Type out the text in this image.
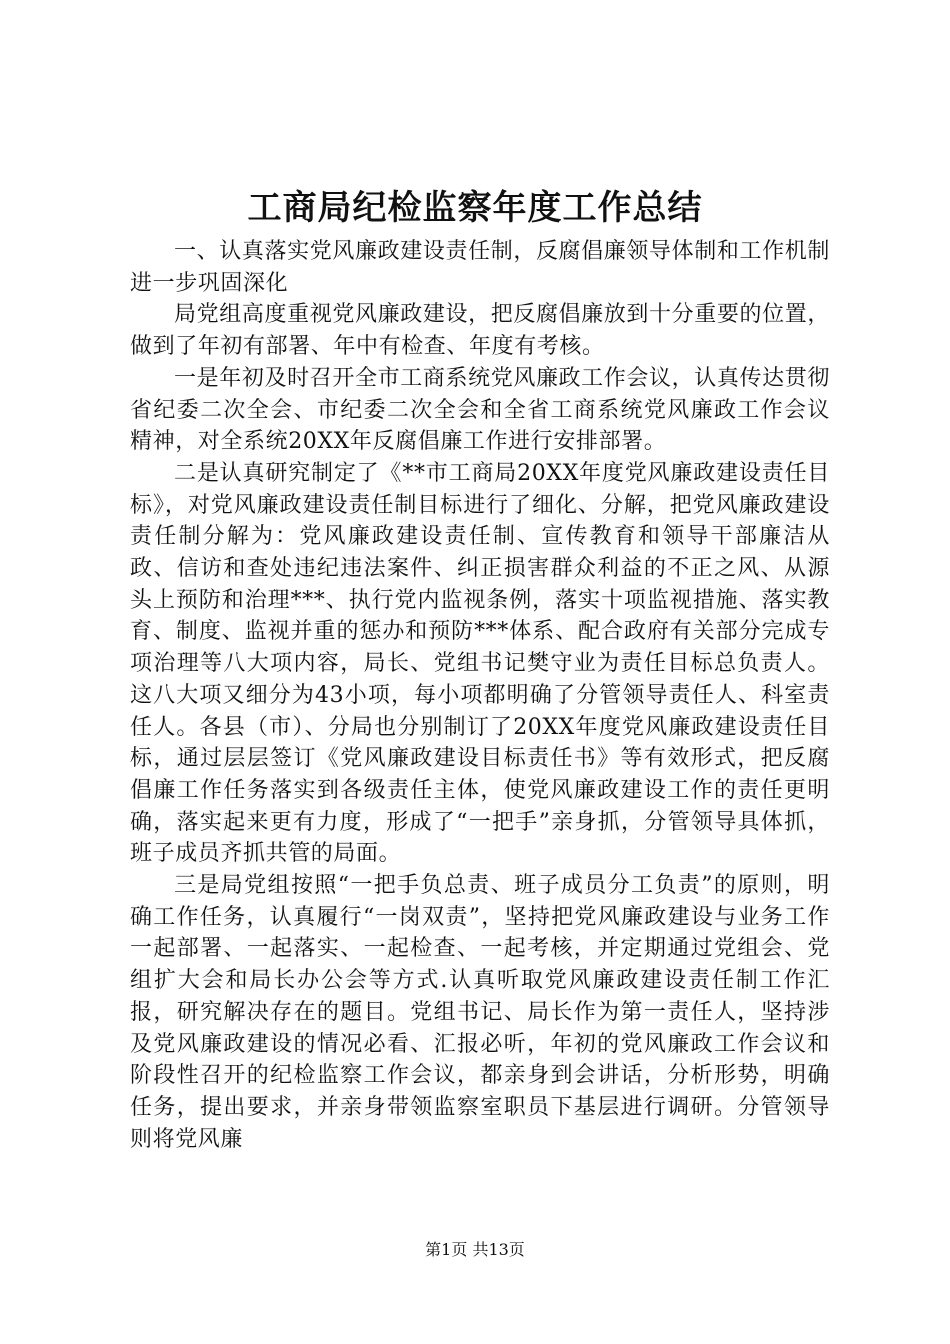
工商局纪检监察年度工作总结

一、认真落实党风廉政建设责任制，反腐倡廉领导体制和工作机制进一步巩固深化

局党组高度重视党风廉政建设，把反腐倡廉放到十分重要的位置，做到了年初有部署、年中有检查、年度有考核。

一是年初及时召开全市工商系统党风廉政工作会议，认真传达贯彻省纪委二次全会、市纪委二次全会和全省工商系统党风廉政工作会议精神，对全系统20XX年反腐倡廉工作进行安排部署。

二是认真研究制定了《**市工商局20XX年度党风廉政建设责任目标》，对党风廉政建设责任制目标进行了细化、分解，把党风廉政建设责任制分解为：党风廉政建设责任制、宣传教育和领导干部廉洁从政、信访和查处违纪违法案件、纠正损害群众利益的不正之风、从源头上预防和治理***、执行党内监视条例，落实十项监视措施、落实教育、制度、监视并重的惩办和预防***体系、配合政府有关部分完成专项治理等八大项内容，局长、党组书记樊守业为责任目标总负责人。这八大项又细分为43小项，每小项都明确了分管领导责任人、科室责任人。各县（市）、分局也分别制订了20XX年度党风廉政建设责任目标，通过层层签订《党风廉政建设目标责任书》等有效形式，把反腐倡廉工作任务落实到各级责任主体，使党风廉政建设工作的责任更明确，落实起来更有力度，形成了“一把手”亲身抓，分管领导具体抓，班子成员齐抓共管的局面。

三是局党组按照“一把手负总责、班子成员分工负责”的原则，明确工作任务，认真履行“一岗双责”，坚持把党风廉政建设与业务工作一起部署、一起落实、一起检查、一起考核，并定期通过党组会、党组扩大会和局长办公会等方式.认真听取党风廉政建设责任制工作汇报，研究解决存在的题目。党组书记、局长作为第一责任人，坚持涉及党风廉政建设的情况必看、汇报必听，年初的党风廉政工作会议和阶段性召开的纪检监察工作会议，都亲身到会讲话，分析形势，明确任务，提出要求，并亲身带领监察室职员下基层进行调研。分管领导则将党风廉

第1页 共13页
